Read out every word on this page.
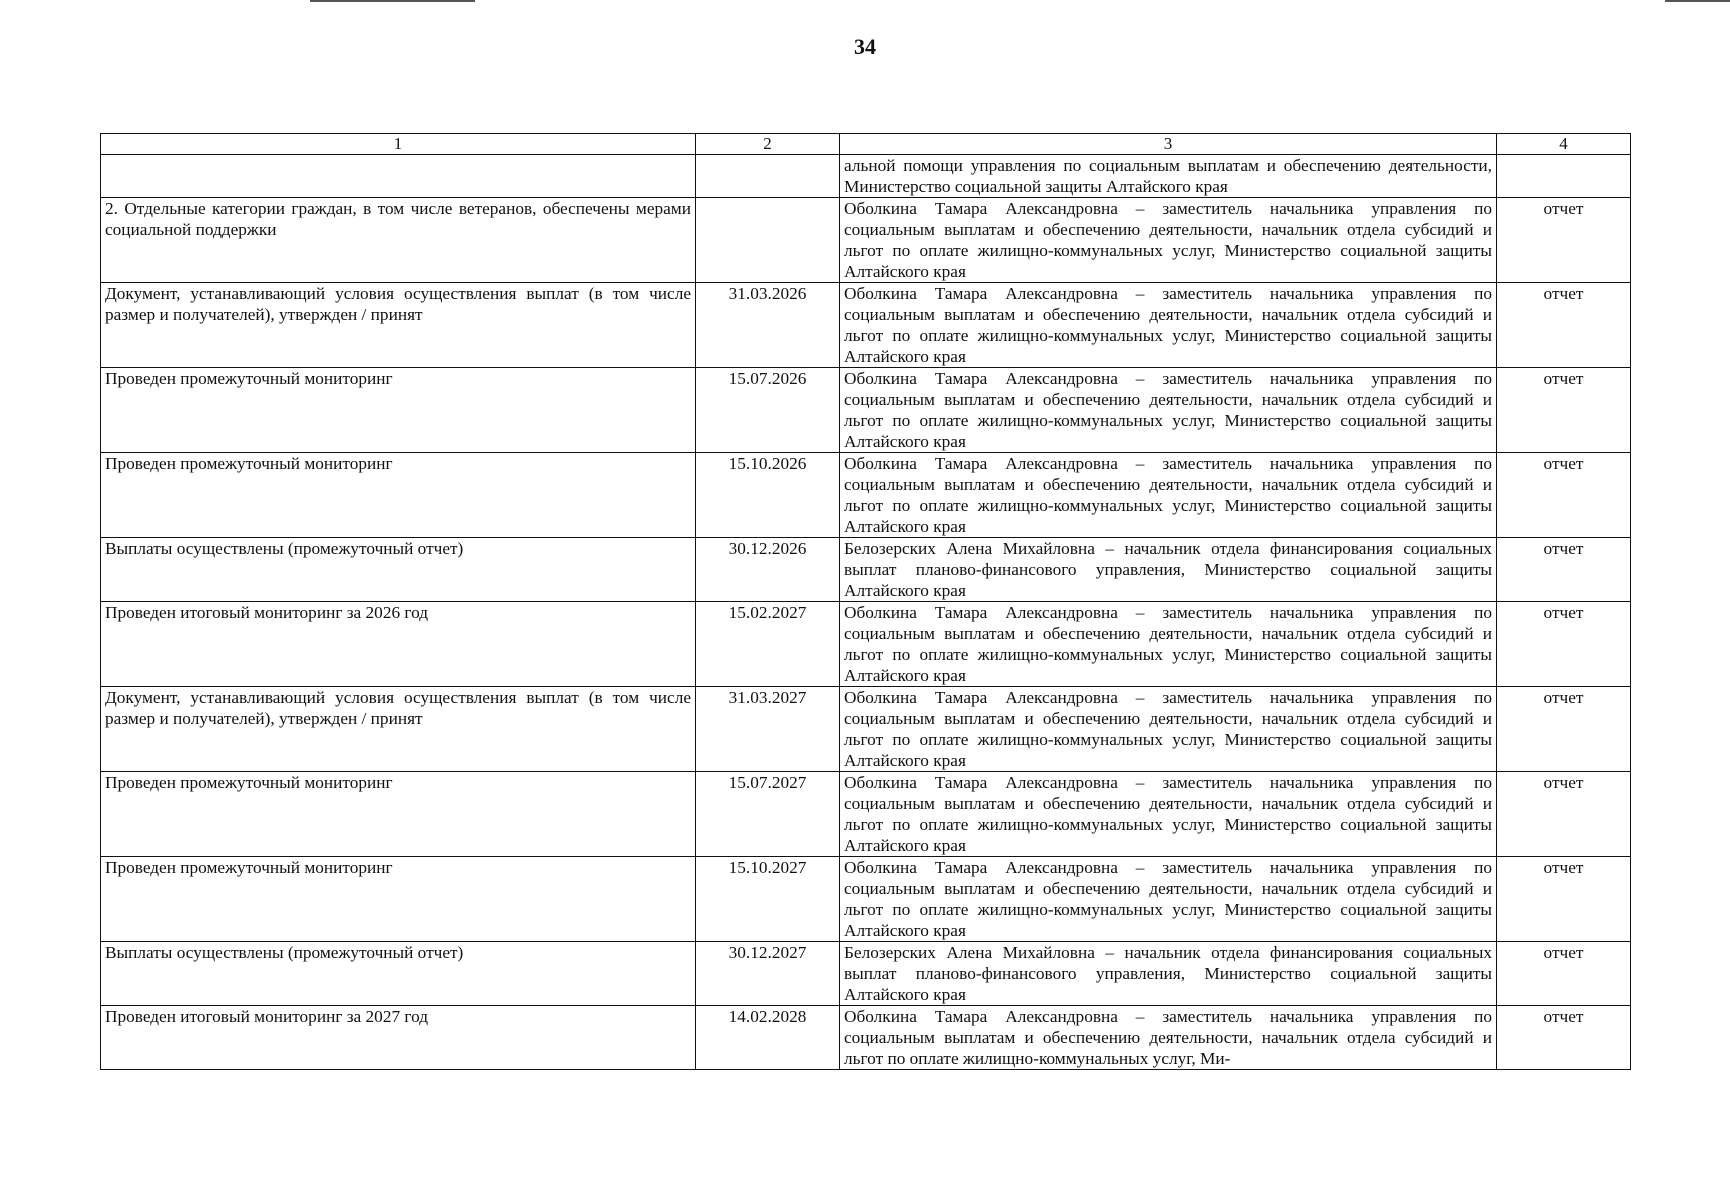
34
1	2	3	4
		альной помощи управления по социальным выплатам и обеспечению деятельности, Министерство социальной защиты Алтайского края	
2. Отдельные категории граждан, в том числе ветеранов, обеспечены мерами социальной поддержки		Оболкина Тамара Александровна – заместитель начальника управления по социальным выплатам и обеспечению деятельности, начальник отдела субсидий и льгот по оплате жилищно-коммунальных услуг, Министерство социальной защиты Алтайского края	отчет
Документ, устанавливающий условия осуществления выплат (в том числе размер и получателей), утвержден / принят	31.03.2026	Оболкина Тамара Александровна – заместитель начальника управления по социальным выплатам и обеспечению деятельности, начальник отдела субсидий и льгот по оплате жилищно-коммунальных услуг, Министерство социальной защиты Алтайского края	отчет
Проведен промежуточный мониторинг	15.07.2026	Оболкина Тамара Александровна – заместитель начальника управления по социальным выплатам и обеспечению деятельности, начальник отдела субсидий и льгот по оплате жилищно-коммунальных услуг, Министерство социальной защиты Алтайского края	отчет
Проведен промежуточный мониторинг	15.10.2026	Оболкина Тамара Александровна – заместитель начальника управления по социальным выплатам и обеспечению деятельности, начальник отдела субсидий и льгот по оплате жилищно-коммунальных услуг, Министерство социальной защиты Алтайского края	отчет
Выплаты осуществлены (промежуточный отчет)	30.12.2026	Белозерских Алена Михайловна – начальник отдела финансирования социальных выплат планово-финансового управления, Министерство социальной защиты Алтайского края	отчет
Проведен итоговый мониторинг за 2026 год	15.02.2027	Оболкина Тамара Александровна – заместитель начальника управления по социальным выплатам и обеспечению деятельности, начальник отдела субсидий и льгот по оплате жилищно-коммунальных услуг, Министерство социальной защиты Алтайского края	отчет
Документ, устанавливающий условия осуществления выплат (в том числе размер и получателей), утвержден / принят	31.03.2027	Оболкина Тамара Александровна – заместитель начальника управления по социальным выплатам и обеспечению деятельности, начальник отдела субсидий и льгот по оплате жилищно-коммунальных услуг, Министерство социальной защиты Алтайского края	отчет
Проведен промежуточный мониторинг	15.07.2027	Оболкина Тамара Александровна – заместитель начальника управления по социальным выплатам и обеспечению деятельности, начальник отдела субсидий и льгот по оплате жилищно-коммунальных услуг, Министерство социальной защиты Алтайского края	отчет
Проведен промежуточный мониторинг	15.10.2027	Оболкина Тамара Александровна – заместитель начальника управления по социальным выплатам и обеспечению деятельности, начальник отдела субсидий и льгот по оплате жилищно-коммунальных услуг, Министерство социальной защиты Алтайского края	отчет
Выплаты осуществлены (промежуточный отчет)	30.12.2027	Белозерских Алена Михайловна – начальник отдела финансирования социальных выплат планово-финансового управления, Министерство социальной защиты Алтайского края	отчет
Проведен итоговый мониторинг за 2027 год	14.02.2028	Оболкина Тамара Александровна – заместитель начальника управления по социальным выплатам и обеспечению деятельности, начальник отдела субсидий и льгот по оплате жилищно-коммунальных услуг, Ми-	отчет
